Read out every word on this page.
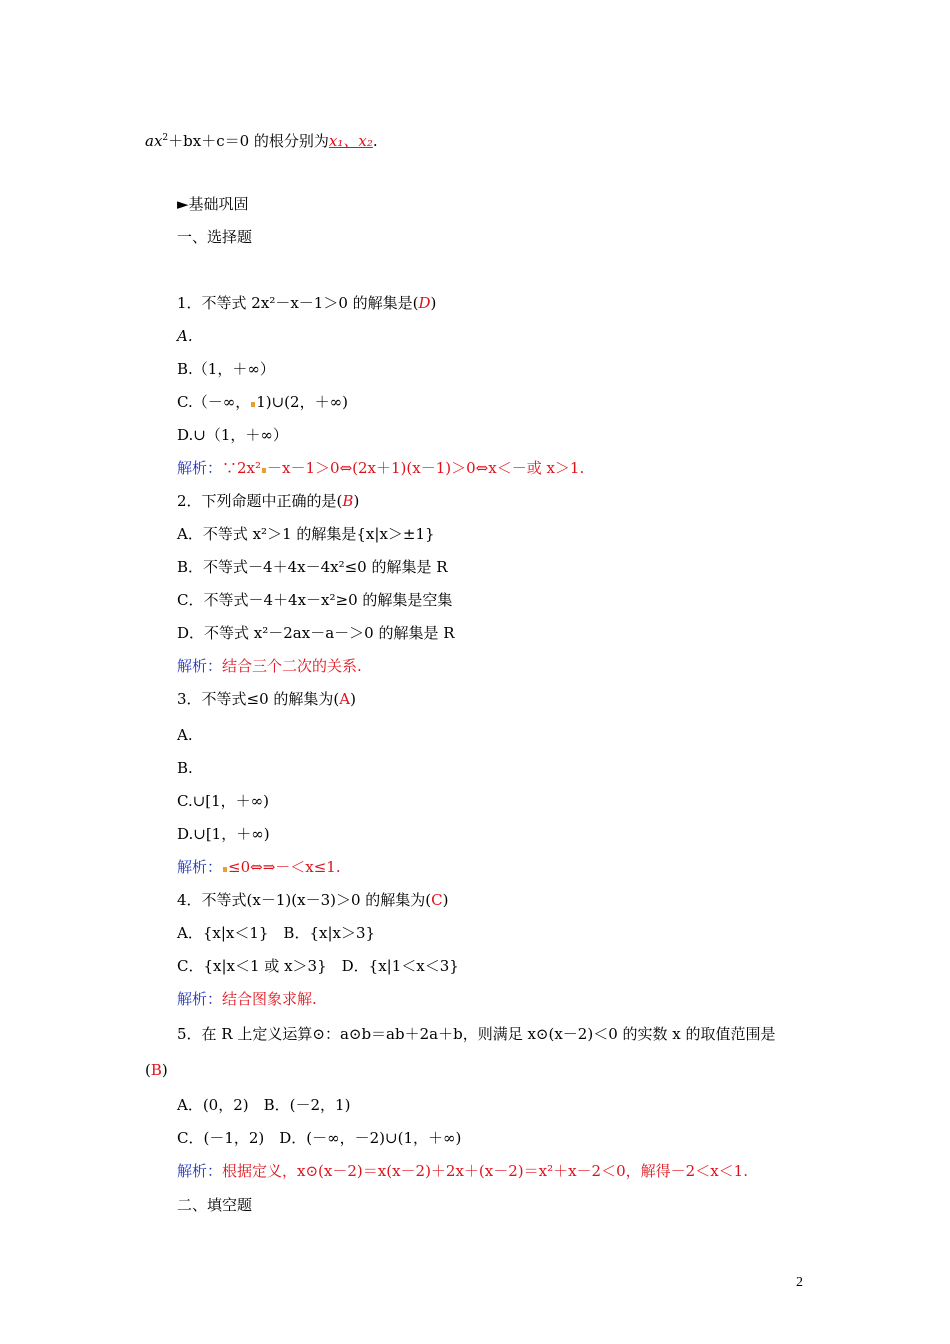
$ax^2+bx+c=0$ 的根分别为x₁、x₂.
►基础巩固
一、选择题
1．不等式 2x²－x－1＞0 的解集是(D)
A.
B.（1，＋∞）
C.（－∞， 1)∪(2，＋∞)
D.∪（1，＋∞）
解析：∵2x² －x－1＞0⇔(2x＋1)(x－1)＞0⇔x＜－或 x＞1.
2．下列命题中正确的是(B)
A．不等式 x²＞1 的解集是{x|x＞±1}
B．不等式－4＋4x－4x²≤0 的解集是 R
C．不等式－4＋4x－x²≥0 的解集是空集
D．不等式 x²－2ax－a－＞0 的解集是 R
解析：结合三个二次的关系.
3．不等式≤0 的解集为(A)
A.
B.
C.∪[1，＋∞)
D.∪[1，＋∞)
解析： ≤0⇔⇒－＜x≤1.
4．不等式(x－1)(x－3)＞0 的解集为(C)
A．{x|x＜1}　B．{x|x＞3}
C．{x|x＜1 或 x＞3}　D．{x|1＜x＜3}
解析：结合图象求解.
5．在 R 上定义运算⊙：a⊙b＝ab＋2a＋b，则满足 x⊙(x－2)＜0 的实数 x 的取值范围是
(B)
A．(0，2)　B．(－2，1)
C．(－1，2)　D．(－∞，－2)∪(1，＋∞)
解析：根据定义，x⊙(x－2)＝x(x－2)＋2x＋(x－2)＝x²＋x－2＜0，解得－2＜x＜1.
二、填空题
2
